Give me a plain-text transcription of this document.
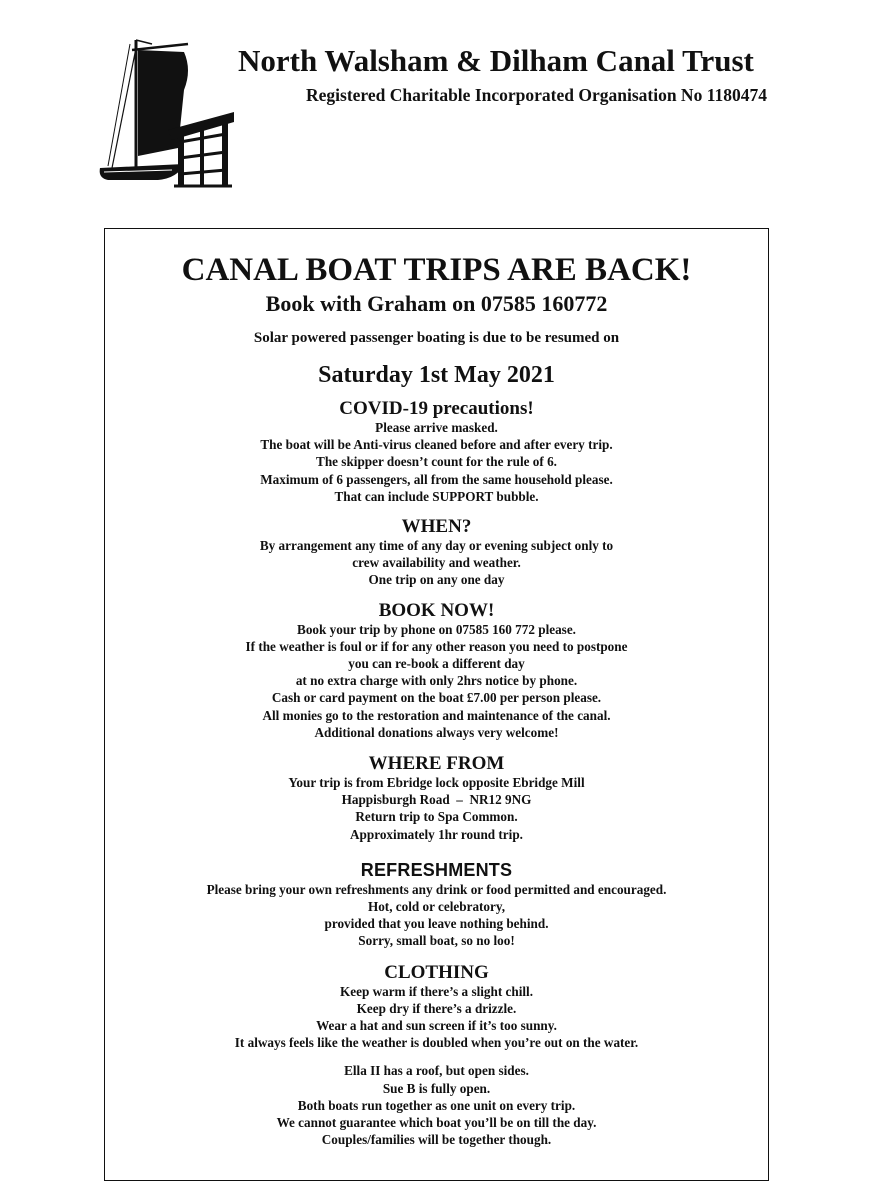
North Walsham & Dilham Canal Trust
Registered Charitable Incorporated Organisation No 1180474
CANAL BOAT TRIPS ARE BACK!
Book with Graham on 07585 160772
Solar powered passenger boating is due to be resumed on
Saturday 1st May 2021
COVID-19 precautions!
Please arrive masked.
The boat will be Anti-virus cleaned before and after every trip.
The skipper doesn’t count for the rule of 6.
Maximum of 6 passengers, all from the same household please.
That can include SUPPORT bubble.
WHEN?
By arrangement any time of any day or evening subject only to
crew availability and weather.
One trip on any one day
BOOK NOW!
Book your trip by phone on 07585 160 772 please.
If the weather is foul or if for any other reason you need to postpone
you can re-book a different day
at no extra charge with only 2hrs notice by phone.
Cash or card payment on the boat £7.00 per person please.
All monies go to the restoration and maintenance of the canal.
Additional donations always very welcome!
WHERE FROM
Your trip is from Ebridge lock opposite Ebridge Mill
Happisburgh Road  –  NR12 9NG
Return trip to Spa Common.
Approximately 1hr round trip.
REFRESHMENTS
Please bring your own refreshments any drink or food permitted and encouraged.
Hot, cold or celebratory,
provided that you leave nothing behind.
Sorry, small boat, so no loo!
CLOTHING
Keep warm if there’s a slight chill.
Keep dry if there’s a drizzle.
Wear a hat and sun screen if it’s too sunny.
It always feels like the weather is doubled when you’re out on the water.
Ella II has a roof, but open sides.
Sue B is fully open.
Both boats run together as one unit on every trip.
We cannot guarantee which boat you’ll be on till the day.
Couples/families will be together though.
